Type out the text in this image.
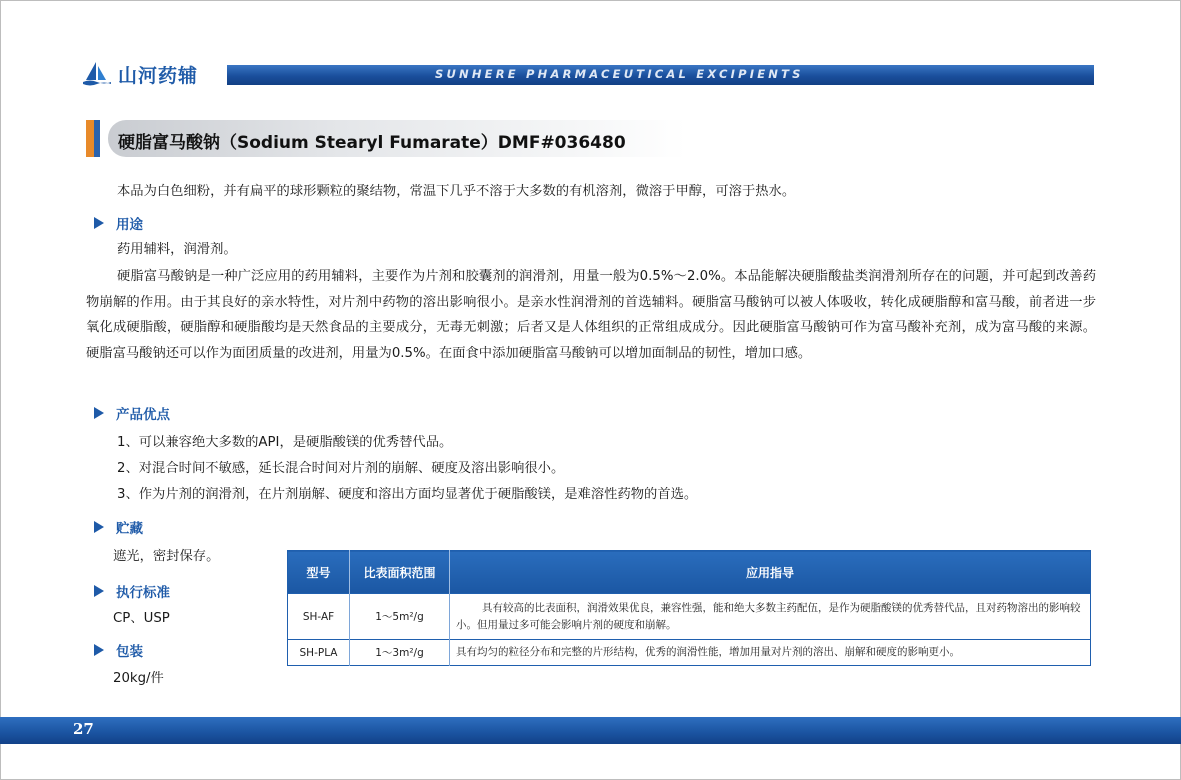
山河药辅	SUNHERE PHARMACEUTICAL EXCIPIENTS
硬脂富马酸钠（Sodium Stearyl Fumarate）DMF#036480
本品为白色细粉，并有扁平的球形颗粒的聚结物，常温下几乎不溶于大多数的有机溶剂，微溶于甲醇，可溶于热水。
用途
药用辅料，润滑剂。
硬脂富马酸钠是一种广泛应用的药用辅料，主要作为片剂和胶囊剂的润滑剂，用量一般为0.5%～2.0%。本品能解决硬脂酸盐类润滑剂所存在的问题，并可起到改善药物崩解的作用。由于其良好的亲水特性，对片剂中药物的溶出影响很小。是亲水性润滑剂的首选辅料。硬脂富马酸钠可以被人体吸收，转化成硬脂醇和富马酸，前者进一步氧化成硬脂酸，硬脂醇和硬脂酸均是天然食品的主要成分，无毒无刺激；后者又是人体组织的正常组成成分。因此硬脂富马酸钠可作为富马酸补充剂，成为富马酸的来源。硬脂富马酸钠还可以作为面团质量的改进剂，用量为0.5%。在面食中添加硬脂富马酸钠可以增加面制品的韧性，增加口感。
产品优点
1、可以兼容绝大多数的API，是硬脂酸镁的优秀替代品。
2、对混合时间不敏感，延长混合时间对片剂的崩解、硬度及溶出影响很小。
3、作为片剂的润滑剂，在片剂崩解、硬度和溶出方面均显著优于硬脂酸镁，是难溶性药物的首选。
贮藏
遮光，密封保存。
执行标准
CP、USP
包装
20kg/件
型号	比表面积范围	应用指导
SH-AF	1～5m²/g	具有较高的比表面积，润滑效果优良，兼容性强，能和绝大多数主药配伍，是作为硬脂酸镁的优秀替代品，且对药物溶出的影响较小。但用量过多可能会影响片剂的硬度和崩解。
SH-PLA	1～3m²/g	具有均匀的粒径分布和完整的片形结构，优秀的润滑性能，增加用量对片剂的溶出、崩解和硬度的影响更小。
27
